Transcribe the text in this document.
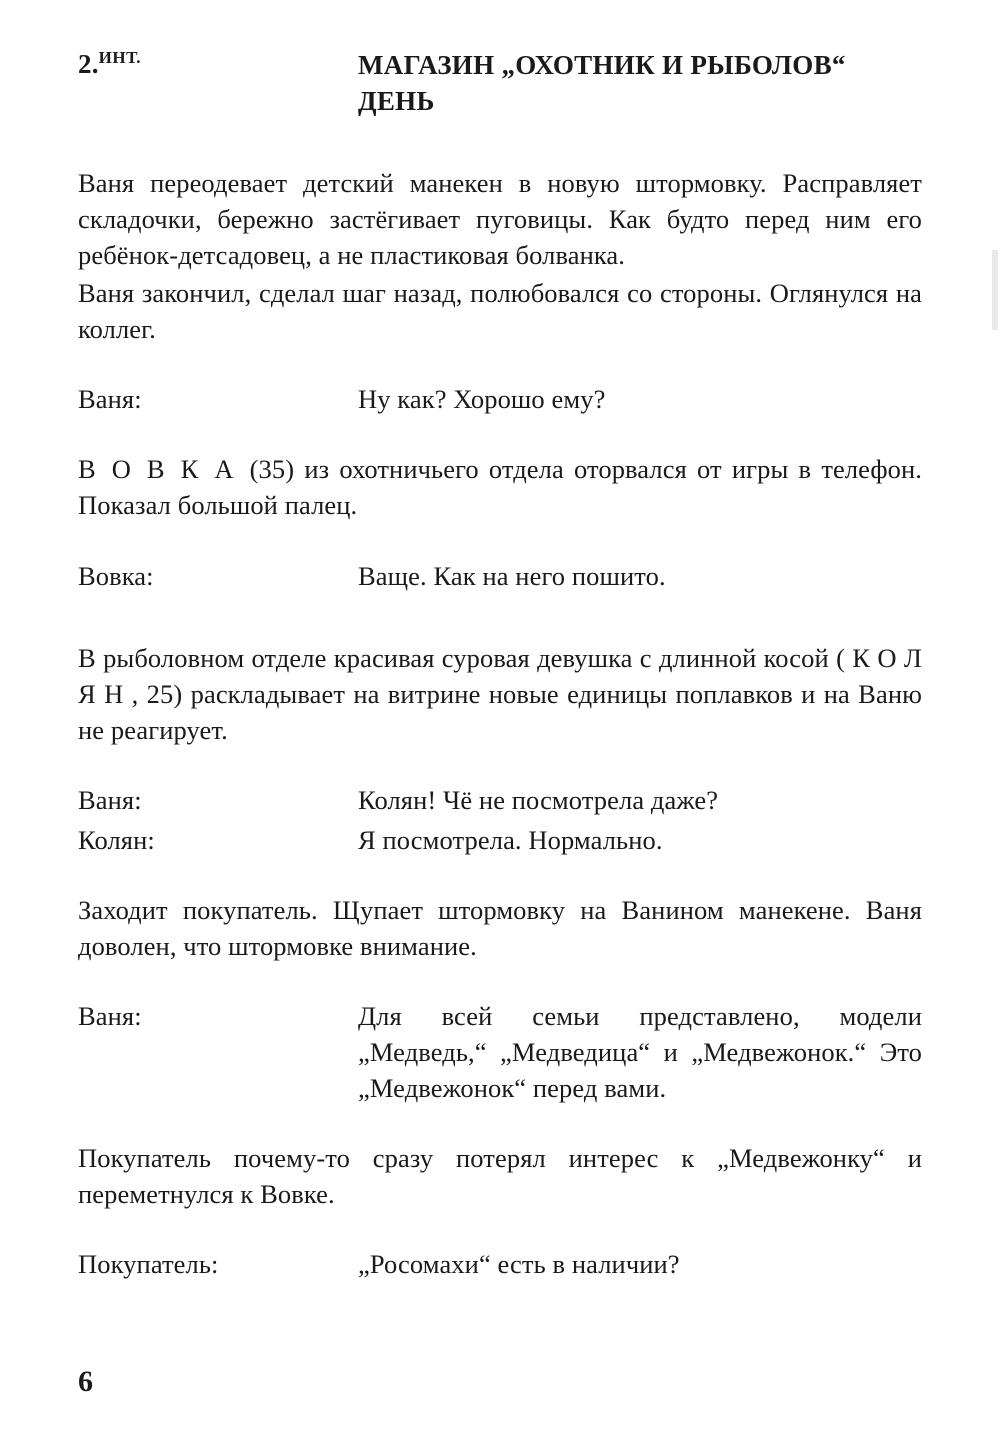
2.$^{ИНТ.}$	МАГАЗИН „ОХОТНИК И РЫБОЛОВ“
ДЕНЬ

Ваня переодевает детский манекен в новую штормовку. Расправляет складочки, бережно застёгивает пуговицы. Как будто перед ним его ребёнок-детсадовец, а не пластиковая болванка.

Ваня закончил, сделал шаг назад, полюбовался со стороны. Оглянулся на коллег.

Ваня:	Ну как? Хорошо ему?

В О В К А (35) из охотничьего отдела оторвался от игры в телефон. Показал большой палец.

Вовка:	Ваще. Как на него пошито.

В рыболовном отделе красивая суровая девушка с длинной косой ( К О Л Я Н , 25) раскладывает на витрине новые единицы поплавков и на Ваню не реагирует.

Ваня:	Колян! Чё не посмотрела даже?
Колян:	Я посмотрела. Нормально.

Заходит покупатель. Щупает штормовку на Ванином манекене. Ваня доволен, что штормовке внимание.

Ваня:	Для всей семьи представлено, модели „Медведь,“ „Медведица“ и „Медвежонок.“ Это „Медвежонок“ перед вами.

Покупатель почему-то сразу потерял интерес к „Медвежонку“ и переметнулся к Вовке.

Покупатель:	„Росомахи“ есть в наличии?
6
